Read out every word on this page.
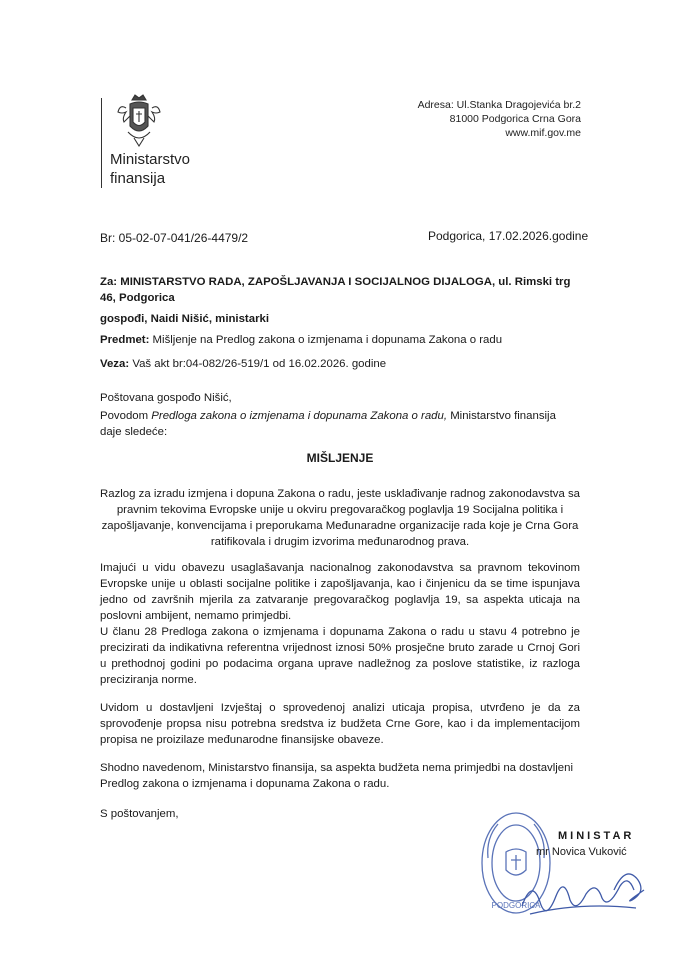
Ministarstvo
finansija
Adresa: Ul.Stanka Dragojevića br.2
81000 Podgorica Crna Gora
www.mif.gov.me
Br: 05-02-07-041/26-4479/2	Podgorica, 17.02.2026.godine
Za: MINISTARSTVO RADA, ZAPOŠLJAVANJA I SOCIJALNOG DIJALOGA, ul. Rimski trg 46, Podgorica
gospođi, Naidi Nišić, ministarki
Predmet: Mišljenje na Predlog zakona o izmjenama i dopunama Zakona o radu
Veza: Vaš akt br:04-082/26-519/1 od 16.02.2026. godine
Poštovana gospođo Nišić,
Povodom Predloga zakona o izmjenama i dopunama Zakona o radu, Ministarstvo finansija daje sledeće:
MIŠLJENJE
Razlog za izradu izmjena i dopuna Zakona o radu, jeste usklađivanje radnog zakonodavstva sa pravnim tekovima Evropske unije u okviru pregovaračkog poglavlja 19 Socijalna politika i zapošljavanje, konvencijama i preporukama Međunaradne organizacije rada koje je Crna Gora ratifikovala i drugim izvorima međunarodnog prava.
Imajući u vidu obavezu usaglašavanja nacionalnog zakonodavstva sa pravnom tekovinom Evropske unije u oblasti socijalne politike i zapošljavanja, kao i činjenicu da se time ispunjava jedno od završnih mjerila za zatvaranje pregovaračkog poglavlja 19, sa aspekta uticaja na poslovni ambijent, nemamo primjedbi.
U članu 28 Predloga zakona o izmjenama i dopunama Zakona o radu u stavu 4 potrebno je precizirati da indikativna referentna vrijednost iznosi 50% prosječne bruto zarade u Crnoj Gori u prethodnoj godini po podacima organa uprave nadležnog za poslove statistike, iz razloga preciziranja norme.
Uvidom u dostavljeni Izvještaj o sprovedenoj analizi uticaja propisa, utvrđeno je da za sprovođenje propsa nisu potrebna sredstva iz budžeta Crne Gore, kao i da implementacijom propisa ne proizilaze međunarodne finansijske obaveze.
Shodno navedenom, Ministarstvo finansija, sa aspekta budžeta nema primjedbi na dostavljeni Predlog zakona o izmjenama i dopunama Zakona o radu.
S poštovanjem,
PODGORICA
MINISTAR
mr Novica Vuković
